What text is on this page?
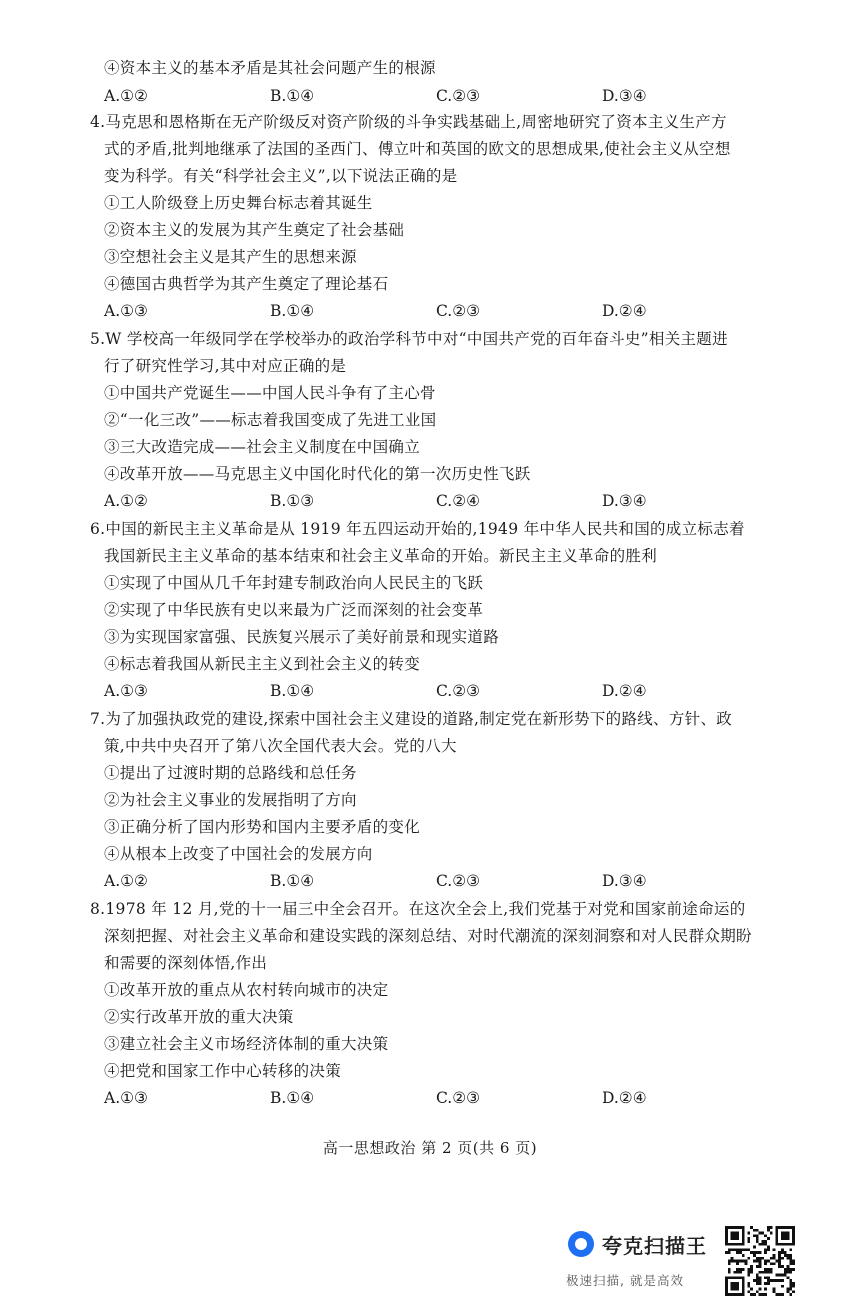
④资本主义的基本矛盾是其社会问题产生的根源
4.马克思和恩格斯在无产阶级反对资产阶级的斗争实践基础上,周密地研究了资本主义生产方
式的矛盾,批判地继承了法国的圣西门、傅立叶和英国的欧文的思想成果,使社会主义从空想
变为科学。有关“科学社会主义”,以下说法正确的是
①工人阶级登上历史舞台标志着其诞生
②资本主义的发展为其产生奠定了社会基础
③空想社会主义是其产生的思想来源
④德国古典哲学为其产生奠定了理论基石
5.W 学校高一年级同学在学校举办的政治学科节中对“中国共产党的百年奋斗史”相关主题进
行了研究性学习,其中对应正确的是
①中国共产党诞生——中国人民斗争有了主心骨
②“一化三改”——标志着我国变成了先进工业国
③三大改造完成——社会主义制度在中国确立
④改革开放——马克思主义中国化时代化的第一次历史性飞跃
6.中国的新民主主义革命是从 1919 年五四运动开始的,1949 年中华人民共和国的成立标志着
我国新民主主义革命的基本结束和社会主义革命的开始。新民主主义革命的胜利
①实现了中国从几千年封建专制政治向人民民主的飞跃
②实现了中华民族有史以来最为广泛而深刻的社会变革
③为实现国家富强、民族复兴展示了美好前景和现实道路
④标志着我国从新民主主义到社会主义的转变
7.为了加强执政党的建设,探索中国社会主义建设的道路,制定党在新形势下的路线、方针、政
策,中共中央召开了第八次全国代表大会。党的八大
①提出了过渡时期的总路线和总任务
②为社会主义事业的发展指明了方向
③正确分析了国内形势和国内主要矛盾的变化
④从根本上改变了中国社会的发展方向
8.1978 年 12 月,党的十一届三中全会召开。在这次全会上,我们党基于对党和国家前途命运的
深刻把握、对社会主义革命和建设实践的深刻总结、对时代潮流的深刻洞察和对人民群众期盼
和需要的深刻体悟,作出
①改革开放的重点从农村转向城市的决定
②实行改革开放的重大决策
③建立社会主义市场经济体制的重大决策
④把党和国家工作中心转移的决策
A.①②	B.①④	C.②③	D.③④
A.①③	B.①④	C.②③	D.②④
A.①②	B.①③	C.②④	D.③④
A.①③	B.①④	C.②③	D.②④
A.①②	B.①④	C.②③	D.③④
A.①③	B.①④	C.②③	D.②④
高一思想政治 第 2 页(共 6 页)
夸克扫描王
极速扫描, 就是高效
